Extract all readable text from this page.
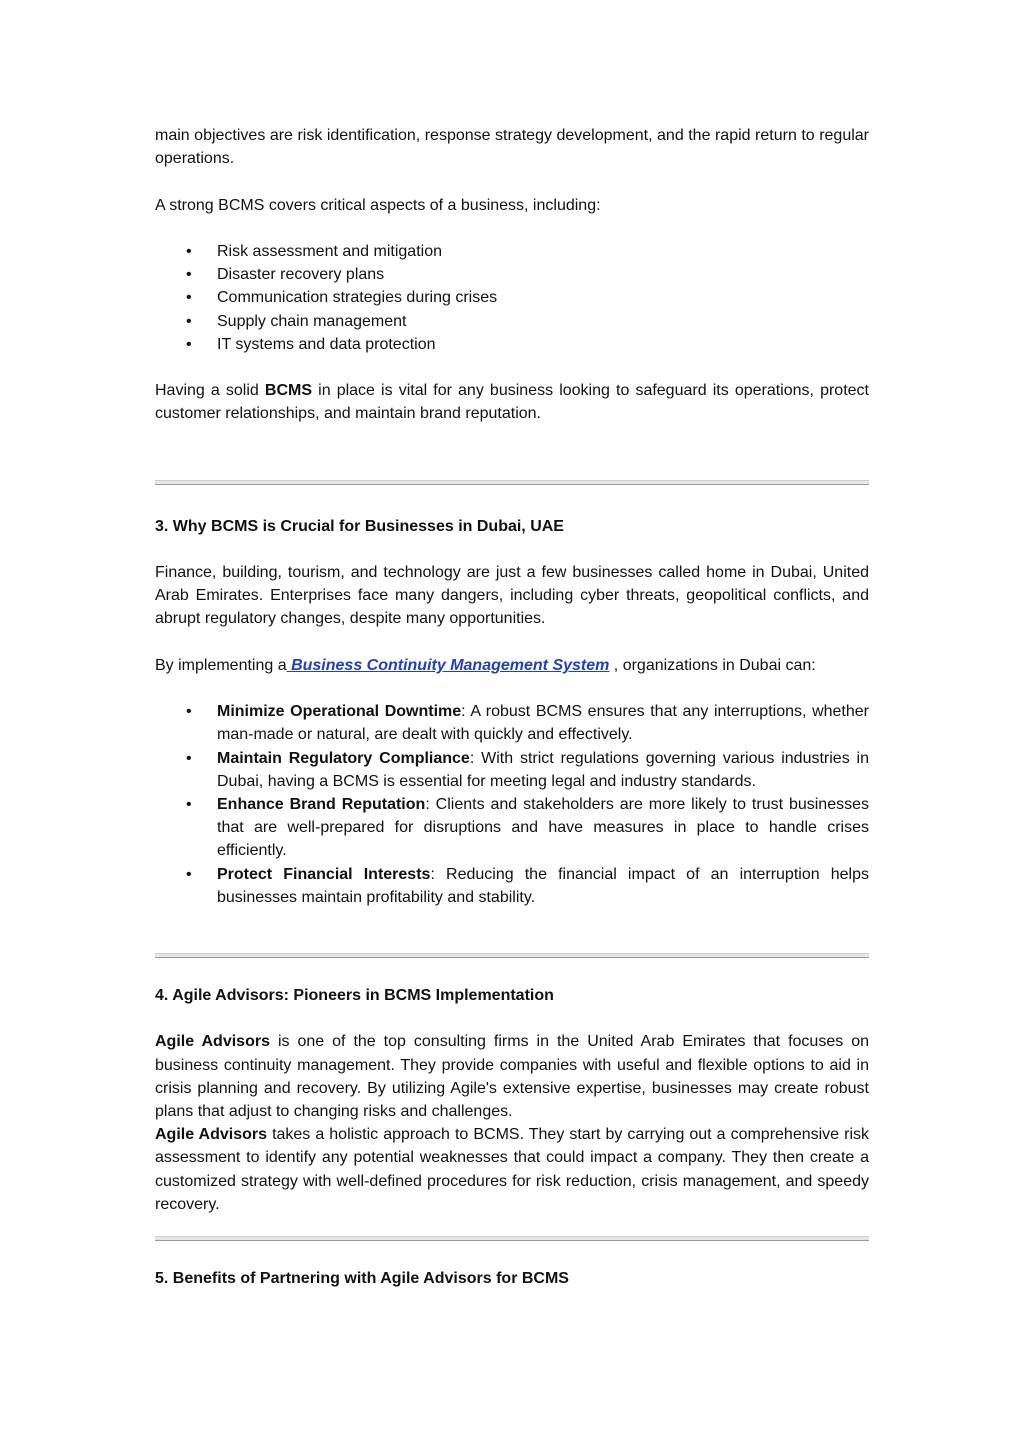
main objectives are risk identification, response strategy development, and the rapid return to regular operations.

A strong BCMS covers critical aspects of a business, including:

• Risk assessment and mitigation
• Disaster recovery plans
• Communication strategies during crises
• Supply chain management
• IT systems and data protection

Having a solid BCMS in place is vital for any business looking to safeguard its operations, protect customer relationships, and maintain brand reputation.

3. Why BCMS is Crucial for Businesses in Dubai, UAE

Finance, building, tourism, and technology are just a few businesses called home in Dubai, United Arab Emirates. Enterprises face many dangers, including cyber threats, geopolitical conflicts, and abrupt regulatory changes, despite many opportunities.

By implementing a Business Continuity Management System , organizations in Dubai can:

• Minimize Operational Downtime: A robust BCMS ensures that any interruptions, whether man-made or natural, are dealt with quickly and effectively.
• Maintain Regulatory Compliance: With strict regulations governing various industries in Dubai, having a BCMS is essential for meeting legal and industry standards.
• Enhance Brand Reputation: Clients and stakeholders are more likely to trust businesses that are well-prepared for disruptions and have measures in place to handle crises efficiently.
• Protect Financial Interests: Reducing the financial impact of an interruption helps businesses maintain profitability and stability.
4. Agile Advisors: Pioneers in BCMS Implementation

Agile Advisors is one of the top consulting firms in the United Arab Emirates that focuses on business continuity management. They provide companies with useful and flexible options to aid in crisis planning and recovery. By utilizing Agile's extensive expertise, businesses may create robust plans that adjust to changing risks and challenges.

Agile Advisors takes a holistic approach to BCMS. They start by carrying out a comprehensive risk assessment to identify any potential weaknesses that could impact a company. They then create a customized strategy with well-defined procedures for risk reduction, crisis management, and speedy recovery.

5. Benefits of Partnering with Agile Advisors for BCMS
